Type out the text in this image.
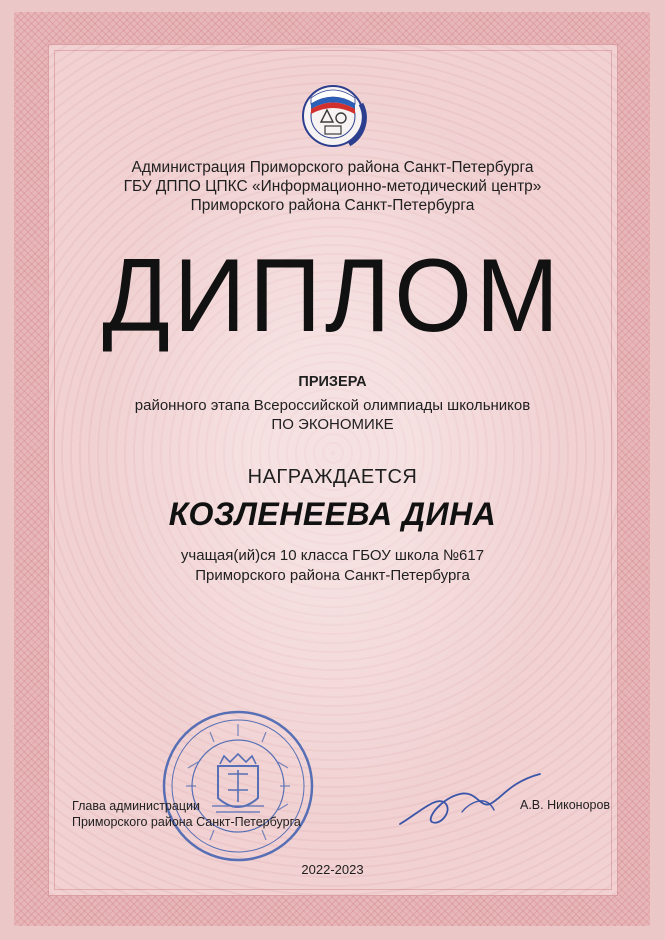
Администрация Приморского района Санкт-Петербурга
ГБУ ДППО ЦПКС «Информационно-методический центр»
Приморского района Санкт-Петербурга
ДИПЛОМ
ПРИЗЕРА
районного этапа Всероссийской олимпиады школьников
ПО ЭКОНОМИКЕ
НАГРАЖДАЕТСЯ
КОЗЛЕНЕЕВА ДИНА
учащая(ий)ся 10 класса ГБОУ школа №617
Приморского района Санкт-Петербурга
Глава администрации
Приморского района Санкт-Петербурга
А.В. Никоноров
2022-2023
